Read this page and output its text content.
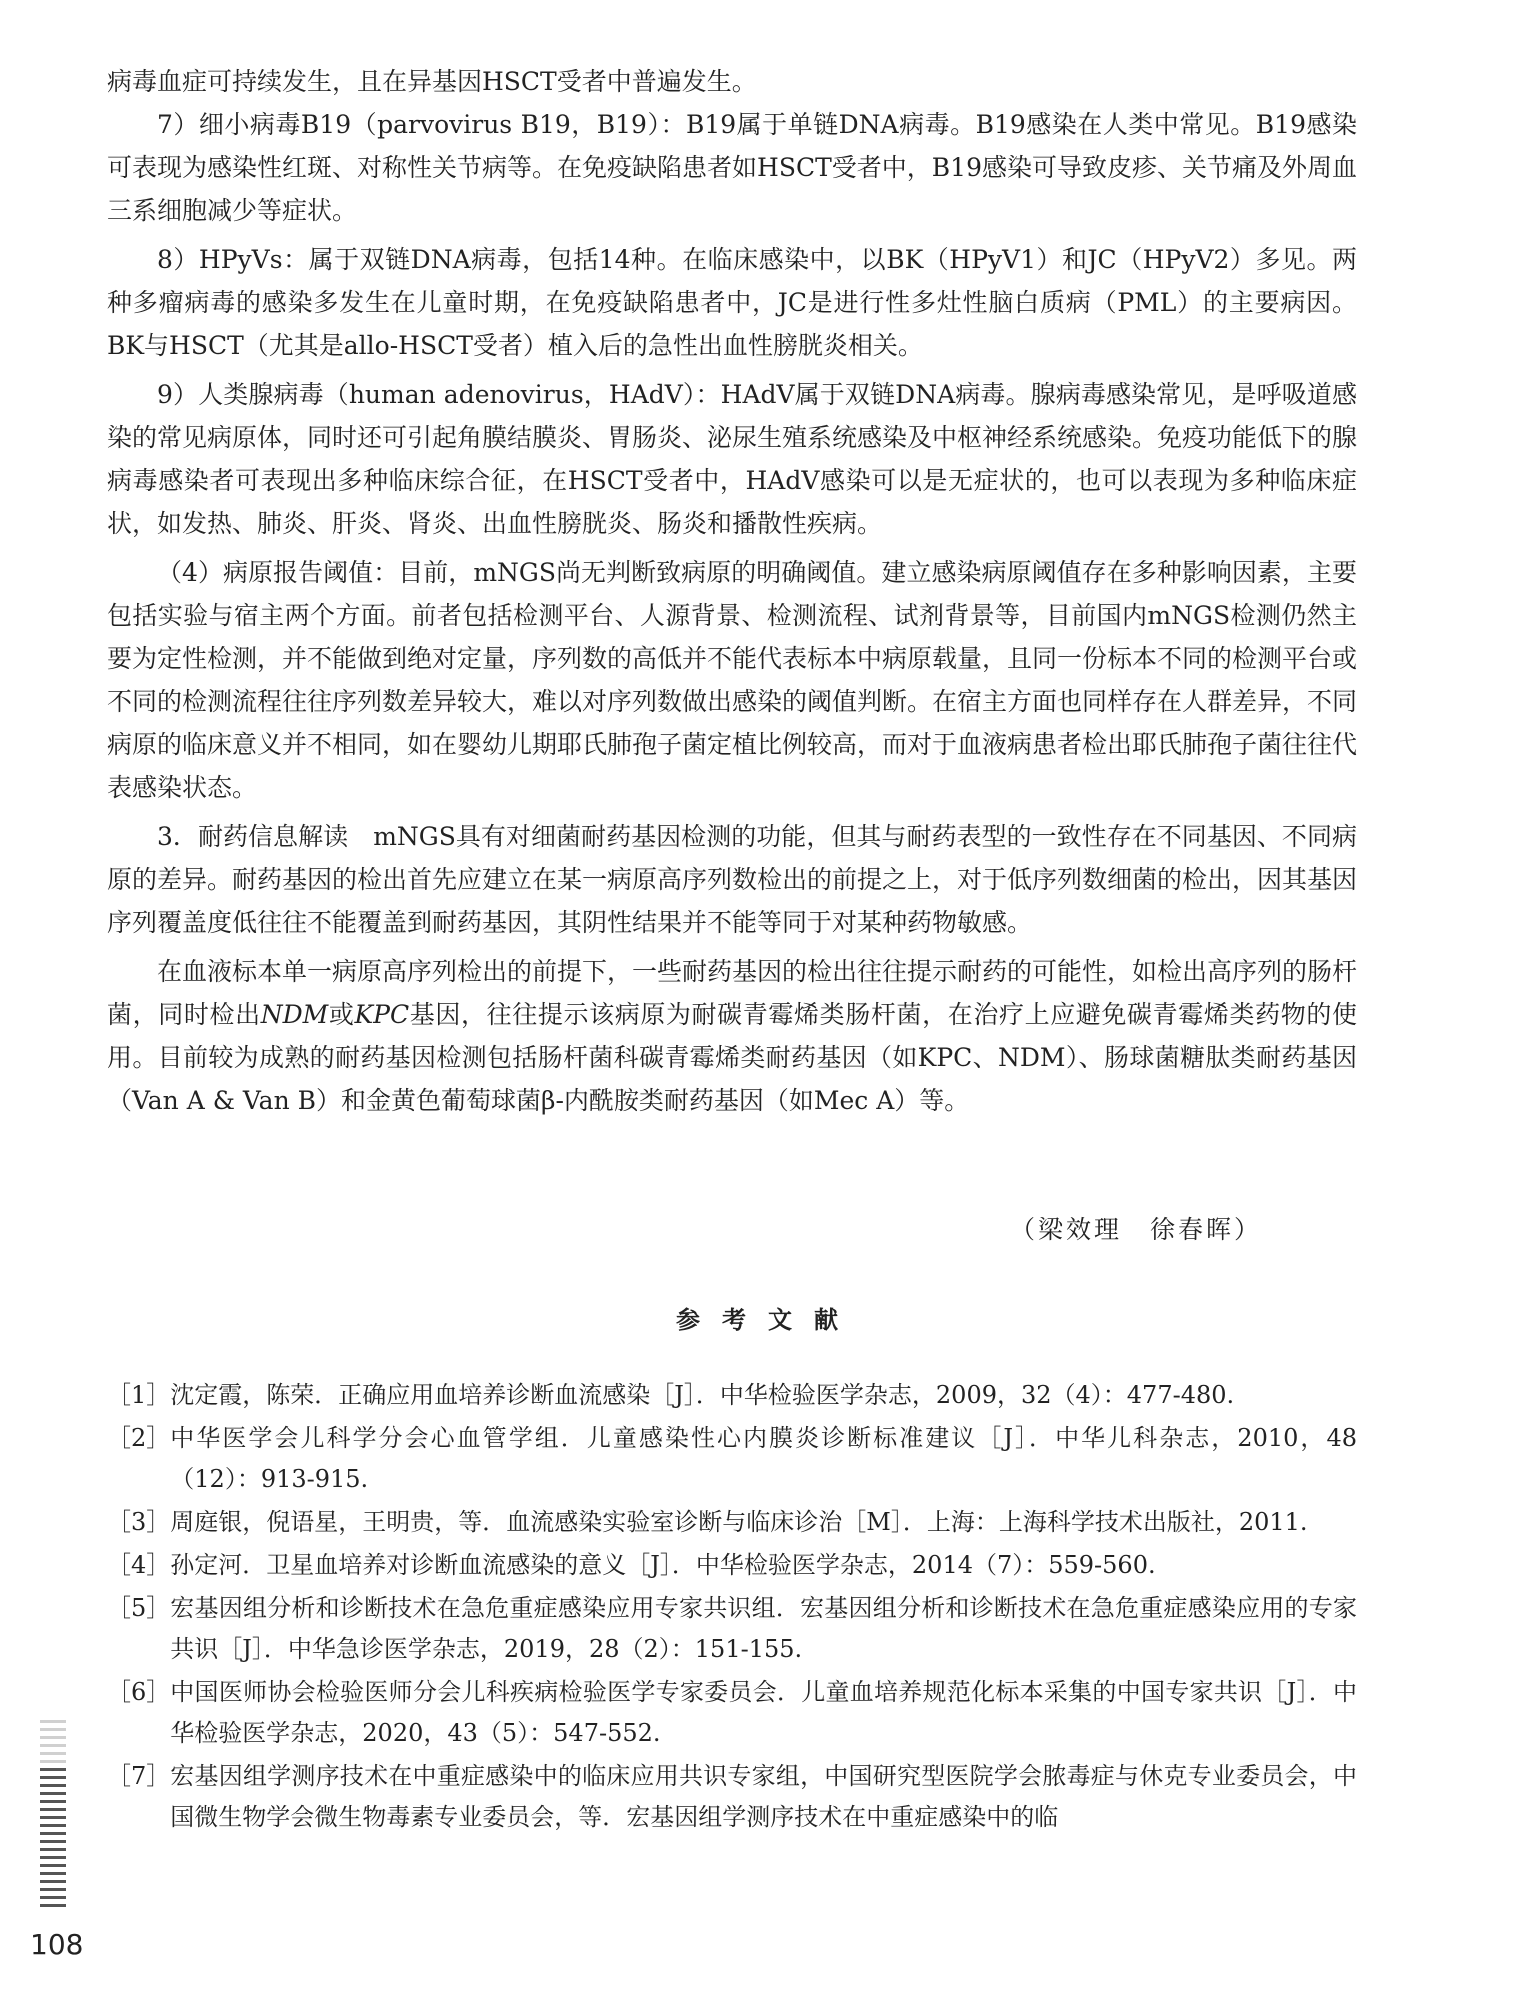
病毒血症可持续发生，且在异基因HSCT受者中普遍发生。

7）细小病毒B19（parvovirus B19，B19）：B19属于单链DNA病毒。B19感染在人类中常见。B19感染可表现为感染性红斑、对称性关节病等。在免疫缺陷患者如HSCT受者中，B19感染可导致皮疹、关节痛及外周血三系细胞减少等症状。

8）HPyVs：属于双链DNA病毒，包括14种。在临床感染中，以BK（HPyV1）和JC（HPyV2）多见。两种多瘤病毒的感染多发生在儿童时期，在免疫缺陷患者中，JC是进行性多灶性脑白质病（PML）的主要病因。BK与HSCT（尤其是allo-HSCT受者）植入后的急性出血性膀胱炎相关。

9）人类腺病毒（human adenovirus，HAdV）：HAdV属于双链DNA病毒。腺病毒感染常见，是呼吸道感染的常见病原体，同时还可引起角膜结膜炎、胃肠炎、泌尿生殖系统感染及中枢神经系统感染。免疫功能低下的腺病毒感染者可表现出多种临床综合征，在HSCT受者中，HAdV感染可以是无症状的，也可以表现为多种临床症状，如发热、肺炎、肝炎、肾炎、出血性膀胱炎、肠炎和播散性疾病。

（4）病原报告阈值：目前，mNGS尚无判断致病原的明确阈值。建立感染病原阈值存在多种影响因素，主要包括实验与宿主两个方面。前者包括检测平台、人源背景、检测流程、试剂背景等，目前国内mNGS检测仍然主要为定性检测，并不能做到绝对定量，序列数的高低并不能代表标本中病原载量，且同一份标本不同的检测平台或不同的检测流程往往序列数差异较大，难以对序列数做出感染的阈值判断。在宿主方面也同样存在人群差异，不同病原的临床意义并不相同，如在婴幼儿期耶氏肺孢子菌定植比例较高，而对于血液病患者检出耶氏肺孢子菌往往代表感染状态。

3．耐药信息解读　mNGS具有对细菌耐药基因检测的功能，但其与耐药表型的一致性存在不同基因、不同病原的差异。耐药基因的检出首先应建立在某一病原高序列数检出的前提之上，对于低序列数细菌的检出，因其基因序列覆盖度低往往不能覆盖到耐药基因，其阴性结果并不能等同于对某种药物敏感。

在血液标本单一病原高序列检出的前提下，一些耐药基因的检出往往提示耐药的可能性，如检出高序列的肠杆菌，同时检出NDM或KPC基因，往往提示该病原为耐碳青霉烯类肠杆菌，在治疗上应避免碳青霉烯类药物的使用。目前较为成熟的耐药基因检测包括肠杆菌科碳青霉烯类耐药基因（如KPC、NDM）、肠球菌糖肽类耐药基因（Van A & Van B）和金黄色葡萄球菌β-内酰胺类耐药基因（如Mec A）等。

（梁效理　徐春晖）
参考文献
［1］ 沈定霞，陈荣．正确应用血培养诊断血流感染［J］．中华检验医学杂志，2009，32（4）：477-480.
［2］ 中华医学会儿科学分会心血管学组．儿童感染性心内膜炎诊断标准建议［J］．中华儿科杂志，2010，48（12）：913-915.
［3］ 周庭银，倪语星，王明贵，等．血流感染实验室诊断与临床诊治［M］．上海：上海科学技术出版社，2011.
［4］ 孙定河．卫星血培养对诊断血流感染的意义［J］．中华检验医学杂志，2014（7）：559-560.
［5］ 宏基因组分析和诊断技术在急危重症感染应用专家共识组．宏基因组分析和诊断技术在急危重症感染应用的专家共识［J］．中华急诊医学杂志，2019，28（2）：151-155.
［6］ 中国医师协会检验医师分会儿科疾病检验医学专家委员会．儿童血培养规范化标本采集的中国专家共识［J］．中华检验医学杂志，2020，43（5）：547-552.
［7］ 宏基因组学测序技术在中重症感染中的临床应用共识专家组，中国研究型医院学会脓毒症与休克专业委员会，中国微生物学会微生物毒素专业委员会，等．宏基因组学测序技术在中重症感染中的临
108
